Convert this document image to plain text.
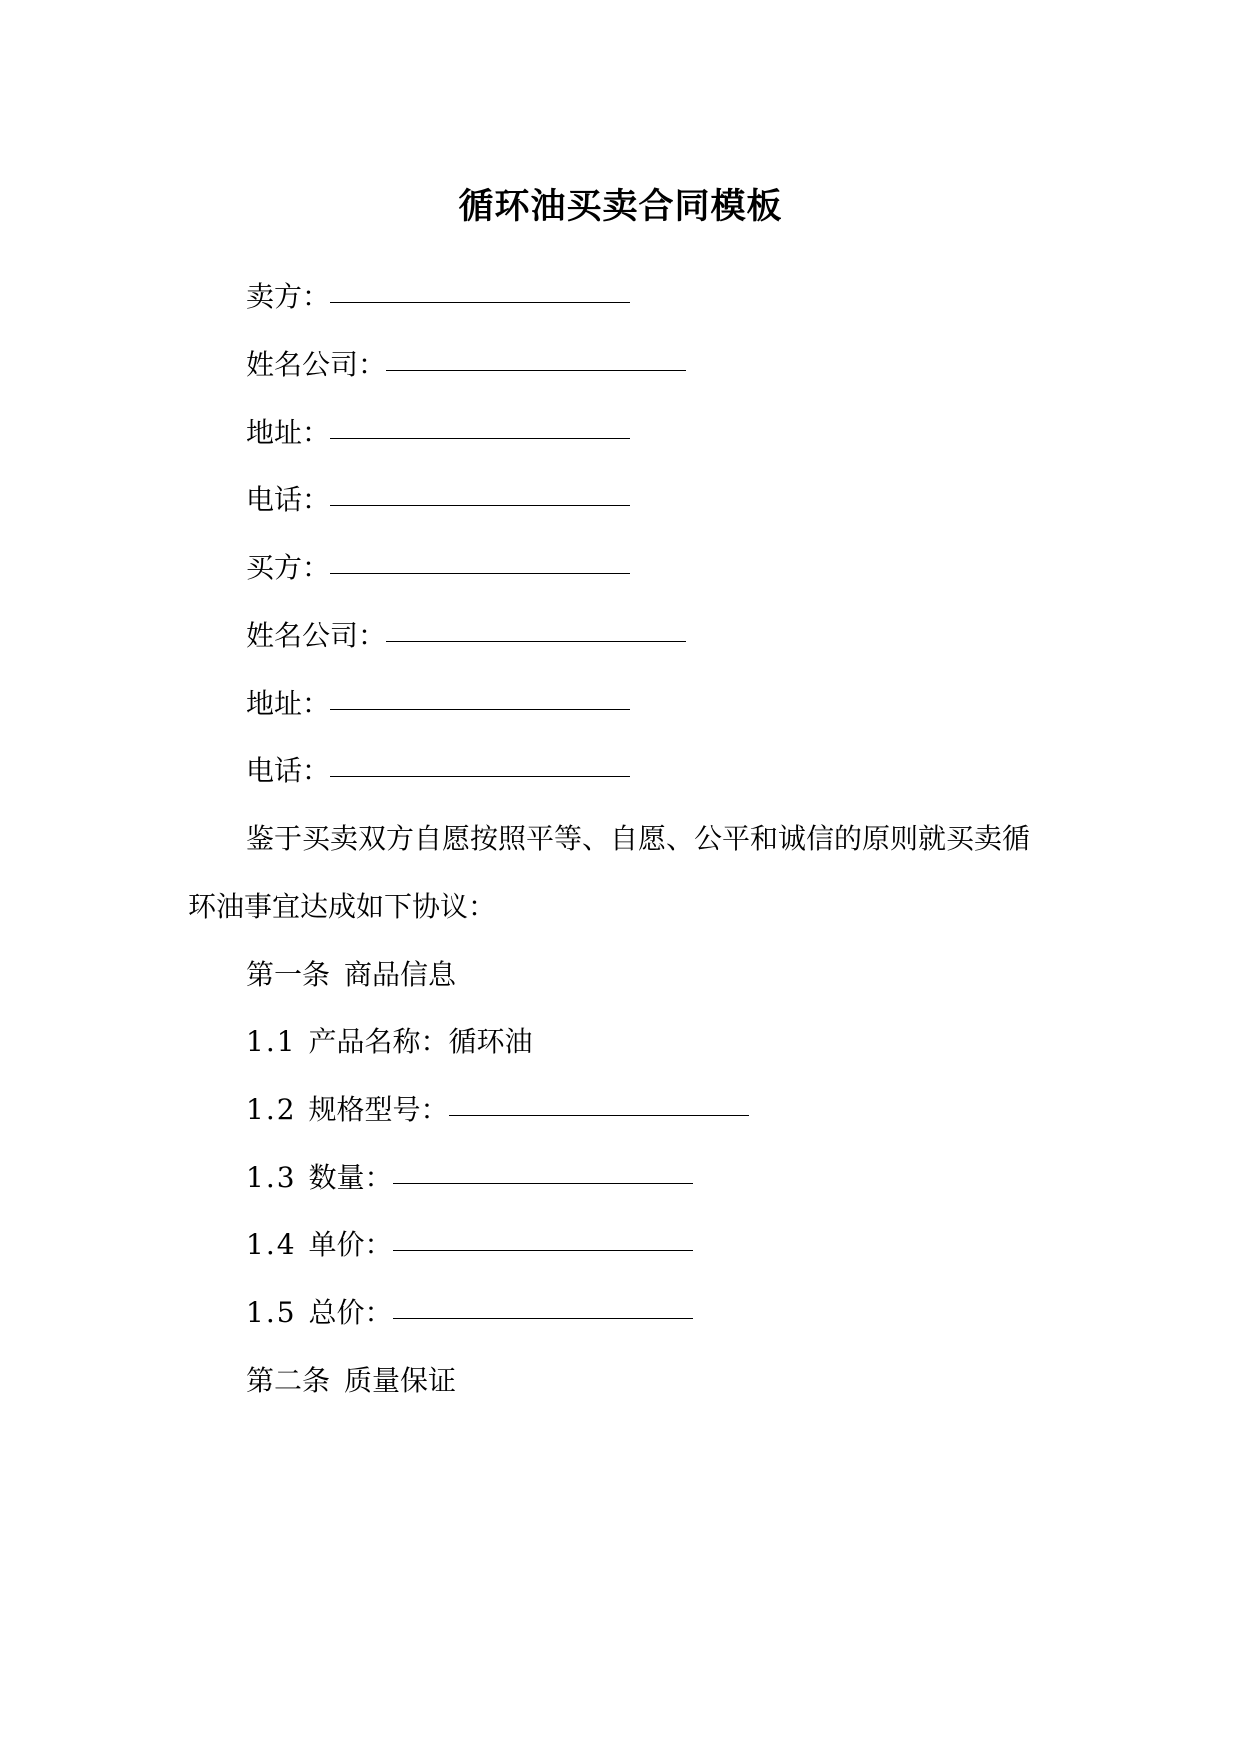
循环油买卖合同模板
卖方：
姓名公司：
地址：
电话：
买方：
姓名公司：
地址：
电话：
鉴于买卖双方自愿按照平等、自愿、公平和诚信的原则就买卖循
环油事宜达成如下协议：
第一条 商品信息
1.1 产品名称：循环油
1.2 规格型号：
1.3 数量：
1.4 单价：
1.5 总价：
第二条 质量保证
